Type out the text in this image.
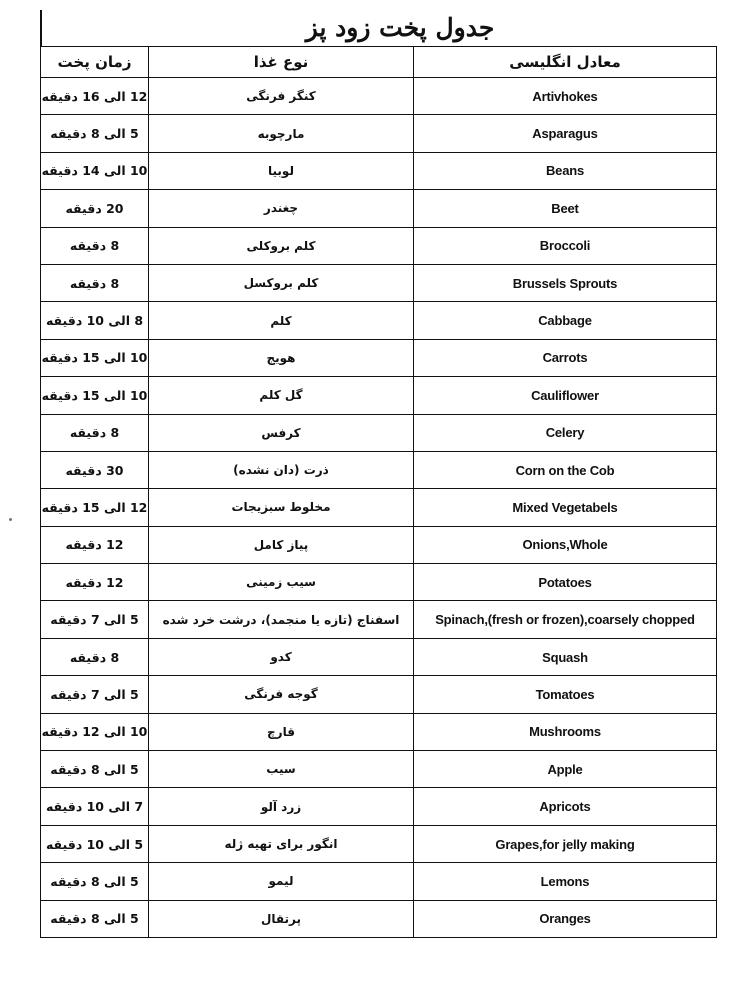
جدول پخت زود پز
زمان پخت	نوع غذا	معادل انگلیسی
12 الی 16 دقیقه	کنگر فرنگی	Artivhokes
5 الی 8 دقیقه	مارچوبه	Asparagus
10 الی 14 دقیقه	لوبیا	Beans
20 دقیقه	چغندر	Beet
8 دقیقه	کلم بروکلی	Broccoli
8 دقیقه	کلم بروکسل	Brussels Sprouts
8 الی 10 دقیقه	کلم	Cabbage
10 الی 15 دقیقه	هویج	Carrots
10 الی 15 دقیقه	گل کلم	Cauliflower
8 دقیقه	کرفس	Celery
30 دقیقه	ذرت (دان نشده)	Corn on the Cob
12 الی 15 دقیقه	مخلوط سبزیجات	Mixed Vegetabels
12 دقیقه	پیاز کامل	Onions,Whole
12 دقیقه	سیب زمینی	Potatoes
5 الی 7 دقیقه	اسفناج (تازه یا منجمد)، درشت خرد شده	Spinach,(fresh or frozen),coarsely chopped
8 دقیقه	کدو	Squash
5 الی 7 دقیقه	گوجه فرنگی	Tomatoes
10 الی 12 دقیقه	قارچ	Mushrooms
5 الی 8 دقیقه	سیب	Apple
7 الی 10 دقیقه	زرد آلو	Apricots
5 الی 10 دقیقه	انگور برای تهیه ژله	Grapes,for jelly making
5 الی 8 دقیقه	لیمو	Lemons
5 الی 8 دقیقه	پرتقال	Oranges
